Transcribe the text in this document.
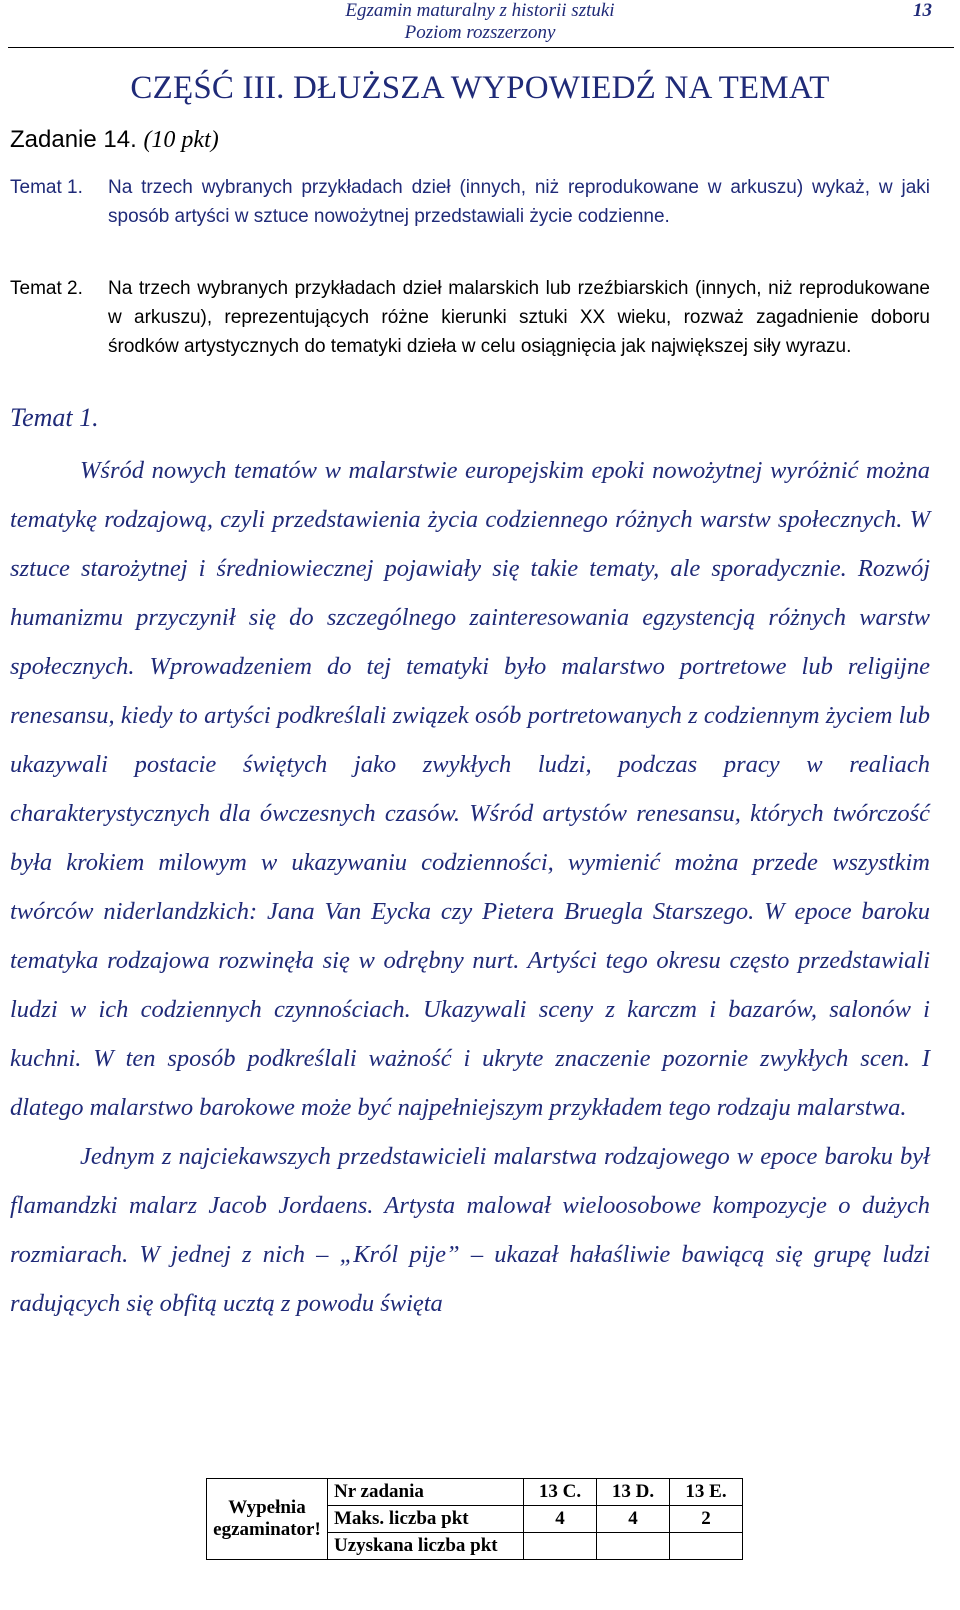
Egzamin maturalny z historii sztuki
Poziom rozszerzony
13
CZĘŚĆ III. DŁUŻSZA WYPOWIEDŹ NA TEMAT
Zadanie 14. (10 pkt)
Temat 1.	Na trzech wybranych przykładach dzieł (innych, niż reprodukowane w arkuszu) wykaż, w jaki sposób artyści w sztuce nowożytnej przedstawiali życie codzienne.
Temat 2.	Na trzech wybranych przykładach dzieł malarskich lub rzeźbiarskich (innych, niż reprodukowane w arkuszu), reprezentujących różne kierunki sztuki XX wieku, rozważ zagadnienie doboru środków artystycznych do tematyki dzieła w celu osiągnięcia jak największej siły wyrazu.
Temat 1.

Wśród nowych tematów w malarstwie europejskim epoki nowożytnej wyróżnić można tematykę rodzajową, czyli przedstawienia życia codziennego różnych warstw społecznych. W sztuce starożytnej i średniowiecznej pojawiały się takie tematy, ale sporadycznie. Rozwój humanizmu przyczynił się do szczególnego zainteresowania egzystencją różnych warstw społecznych. Wprowadzeniem do tej tematyki było malarstwo portretowe lub religijne renesansu, kiedy to artyści podkreślali związek osób portretowanych z codziennym życiem lub ukazywali postacie świętych jako zwykłych ludzi, podczas pracy w realiach charakterystycznych dla ówczesnych czasów. Wśród artystów renesansu, których twórczość była krokiem milowym w ukazywaniu codzienności, wymienić można przede wszystkim twórców niderlandzkich: Jana Van Eycka czy Pietera Bruegla Starszego. W epoce baroku tematyka rodzajowa rozwinęła się w odrębny nurt. Artyści tego okresu często przedstawiali ludzi w ich codziennych czynnościach. Ukazywali sceny z karczm i bazarów, salonów i kuchni. W ten sposób podkreślali ważność i ukryte znaczenie pozornie zwykłych scen. I dlatego malarstwo barokowe może być najpełniejszym przykładem tego rodzaju malarstwa.

Jednym z najciekawszych przedstawicieli malarstwa rodzajowego w epoce baroku był flamandzki malarz Jacob Jordaens. Artysta malował wieloosobowe kompozycje o dużych rozmiarach. W jednej z nich – „Król pije” – ukazał hałaśliwie bawiącą się grupę ludzi radujących się obfitą ucztą z powodu święta

Wypełnia egzaminator!	Nr zadania	13 C.	13 D.	13 E.
	Maks. liczba pkt	4	4	2
	Uzyskana liczba pkt			
